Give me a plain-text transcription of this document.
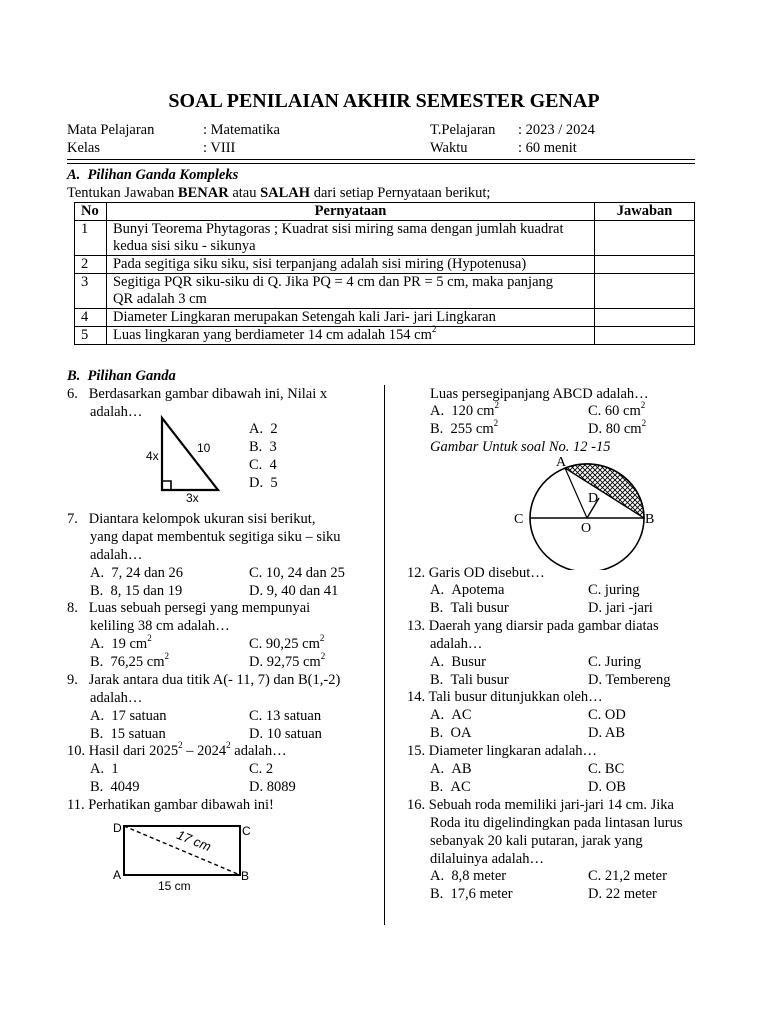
SOAL PENILAIAN AKHIR SEMESTER GENAP
Mata Pelajaran	: Matematika	T.Pelajaran : 2023 / 2024
Kelas	: VIII	Waktu	: 60 menit
A.  Pilihan Ganda Kompleks
Tentukan Jawaban BENAR atau SALAH dari setiap Pernyataan berikut;
No	Pernyataan	Jawaban
1	Bunyi Teorema Phytagoras ; Kuadrat sisi miring sama dengan jumlah kuadrat
kedua sisi siku - sikunya	
2	Pada segitiga siku siku, sisi terpanjang adalah sisi miring (Hypotenusa)	
3	Segitiga PQR siku-siku di Q. Jika PQ = 4 cm dan PR = 5 cm, maka panjang
QR adalah 3 cm	
4	Diameter Lingkaran merupakan Setengah kali Jari- jari Lingkaran	
5	Luas lingkaran yang berdiameter 14 cm adalah 154 $cm^2$	
B.  Pilihan Ganda
6.   Berdasarkan gambar dibawah ini, Nilai x
adalah…
4x
10
3x
A.  2
B.  3
C.  4
D.  5
7.   Diantara kelompok ukuran sisi berikut,
yang dapat membentuk segitiga siku – siku
adalah…
A.  7, 24 dan 26	C. 10, 24 dan 25
B.  8, 15 dan 19	D. 9, 40 dan 41
8.   Luas sebuah persegi yang mempunyai
keliling 38 cm adalah…
A.  19 $cm^2$	C. 90,25 $cm^2$
B.  76,25 $cm^2$	D. 92,75 $cm^2$
9.   Jarak antara dua titik A(- 11, 7) dan B(1,-2)
adalah…
A.  17 satuan	C. 13 satuan
B.  15 satuan	D. 10 satuan
10. Hasil dari 2025$^2$ – 2024$^2$ adalah…
A.  1	C. 2
B.  4049	D. 8089
11. Perhatikan gambar dibawah ini!
D	C
A	B
17 cm
15 cm
Luas persegipanjang ABCD adalah…
A.  120 $cm^2$	C. 60 $cm^2$
B.  255 $cm^2$	D. 80 $cm^2$
Gambar Untuk soal No. 12 -15
A
D
C
O
B
12. Garis OD disebut…
A.  Apotema	C. juring
B.  Tali busur	D. jari -jari
13. Daerah yang diarsir pada gambar diatas
adalah…
A.  Busur	C. Juring
B.  Tali busur	D. Tembereng
14. Tali busur ditunjukkan oleh…
A.  AC	C. OD
B.  OA	D. AB
15. Diameter lingkaran adalah…
A.  AB	C. BC
B.  AC	D. OB
16. Sebuah roda memiliki jari-jari 14 cm. Jika
Roda itu digelindingkan pada lintasan lurus
sebanyak 20 kali putaran, jarak yang
dilaluinya adalah…
A.  8,8 meter	C. 21,2 meter
B.  17,6 meter	D. 22 meter
